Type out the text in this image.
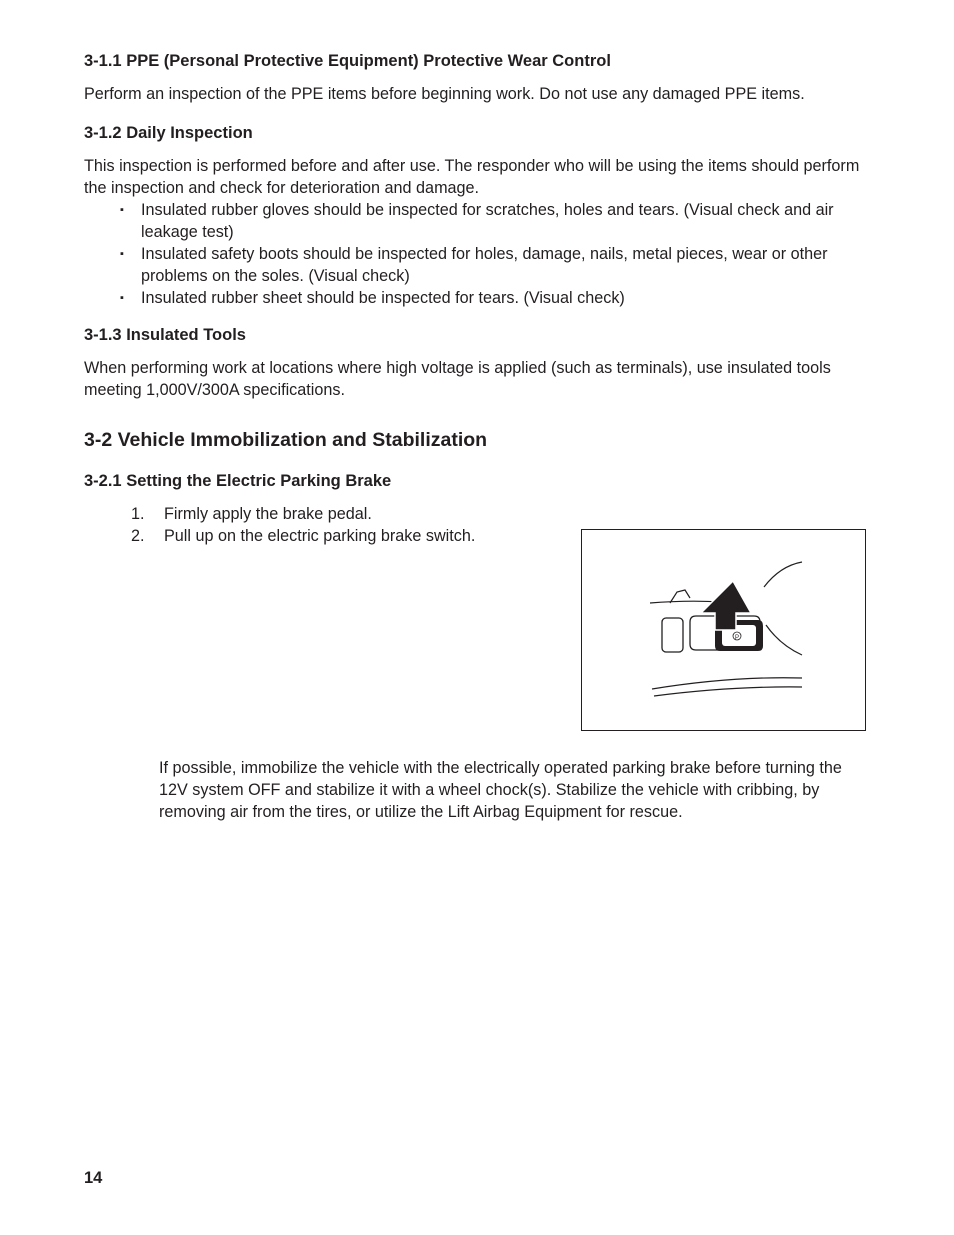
3-1.1 PPE (Personal Protective Equipment) Protective Wear Control

Perform an inspection of the PPE items before beginning work. Do not use any damaged PPE items.

3-1.2 Daily Inspection

This inspection is performed before and after use. The responder who will be using the items should perform the inspection and check for deterioration and damage.

▪ Insulated rubber gloves should be inspected for scratches, holes and tears. (Visual check and air leakage test)
▪ Insulated safety boots should be inspected for holes, damage, nails, metal pieces, wear or other problems on the soles. (Visual check)
▪ Insulated rubber sheet should be inspected for tears. (Visual check)
3-1.3 Insulated Tools

When performing work at locations where high voltage is applied (such as terminals), use insulated tools meeting 1,000V/300A specifications.

3-2 Vehicle Immobilization and Stabilization
3-2.1 Setting the Electric Parking Brake
1. Firmly apply the brake pedal.
2. Pull up on the electric parking brake switch.
P

If possible, immobilize the vehicle with the electrically operated parking brake before turning the 12V system OFF and stabilize it with a wheel chock(s). Stabilize the vehicle with cribbing, by removing air from the tires, or utilize the Lift Airbag Equipment for rescue.

14
